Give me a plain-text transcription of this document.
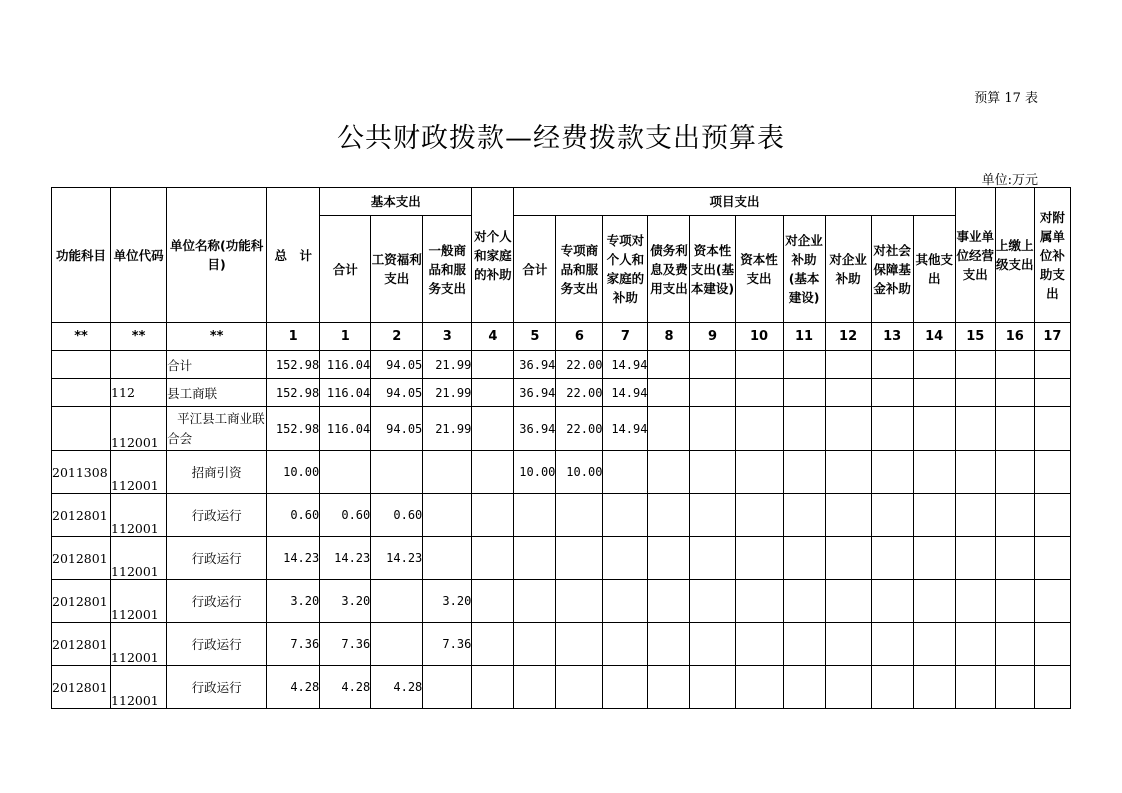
预算 17 表
公共财政拨款—经费拨款支出预算表
单位:万元
功能科目	单位代码	单位名称(功能科目)	总　计	基本支出			对个人和家庭的补助	项目支出										事业单位经营支出	上缴上级支出	对附属单位补助支出
				合计	工资福利支出	一般商品和服务支出		合计	专项商品和服务支出	专项对个人和家庭的补助	债务利息及费用支出	资本性支出(基本建设)	资本性支出	对企业补助(基本建设)	对企业补助	对社会保障基金补助	其他支出			
**	**	**	1	1	2	3	4	5	6	7	8	9	10	11	12	13	14	15	16	17
		合计	152.98	116.04	94.05	21.99		36.94	22.00	14.94										
	112	县工商联	152.98	116.04	94.05	21.99		36.94	22.00	14.94										
	112001	平江县工商业联合会	152.98	116.04	94.05	21.99		36.94	22.00	14.94										
2011308	112001	招商引资	10.00					10.00	10.00											
2012801	112001	行政运行	0.60	0.60	0.60															
2012801	112001	行政运行	14.23	14.23	14.23															
2012801	112001	行政运行	3.20	3.20		3.20														
2012801	112001	行政运行	7.36	7.36		7.36														
2012801	112001	行政运行	4.28	4.28	4.28															
